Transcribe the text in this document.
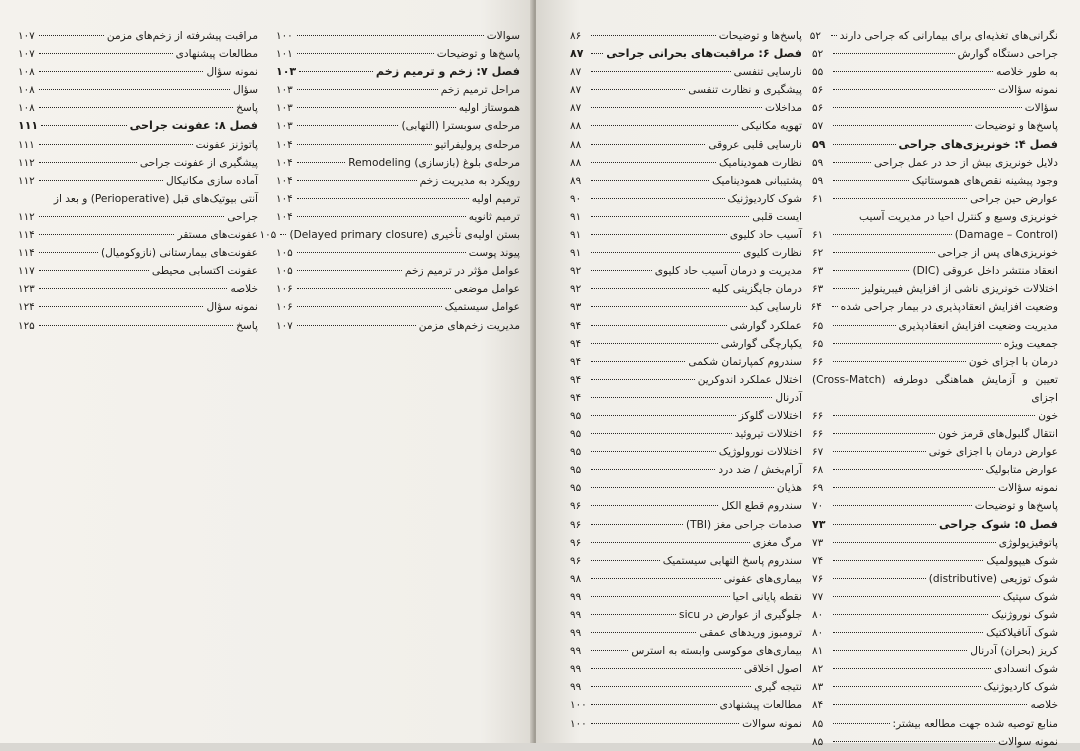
سوالات
۱۰۰
پاسخ‌ها و توضیحات
۱۰۱
فصل ۷: زخم و ترمیم زخم
۱۰۳
مراحل ترمیم زخم
۱۰۳
هموستاز اولیه
۱۰۳
مرحله‌ی سوبسترا (التهابی)
۱۰۳
مرحله‌ی پرولیفراتیو
۱۰۴
مرحله‌ی بلوغ (بازسازی) Remodeling
۱۰۴
رویکرد به مدیریت زخم
۱۰۴
ترمیم اولیه
۱۰۴
ترمیم ثانویه
۱۰۴
بستن اولیه‌ی تأخیری (Delayed primary closure)
۱۰۵
پیوند پوست
۱۰۵
عوامل مؤثر در ترمیم زخم
۱۰۵
عوامل موضعی
۱۰۶
عوامل سیستمیک
۱۰۶
مدیریت زخم‌های مزمن
۱۰۷
مراقبت پیشرفته از زخم‌های مزمن
۱۰۷
مطالعات پیشنهادی
۱۰۷
نمونه سؤال
۱۰۸
سؤال
۱۰۸
پاسخ
۱۰۸
فصل ۸: عفونت جراحی
۱۱۱
پاتوژنز عفونت
۱۱۱
پیشگیری از عفونت جراحی
۱۱۲
آماده سازی مکانیکال
۱۱۲
آنتی بیوتیک‌های قبل (Perioperative) و بعد از
جراحی
۱۱۲
عفونت‌های مستقر
۱۱۴
عفونت‌های بیمارستانی (نازوکومیال)
۱۱۴
عفونت اکتسابی محیطی
۱۱۷
خلاصه
۱۲۳
نمونه سؤال
۱۲۴
پاسخ
۱۲۵
نگرانی‌های تغذیه‌ای برای بیمارانی که جراحی دارند
۵۲
جراحی دستگاه گوارش
۵۲
به طور خلاصه
۵۵
نمونه سؤالات
۵۶
سؤالات
۵۶
پاسخ‌ها و توضیحات
۵۷
فصل ۴: خونریزی‌های جراحی
۵۹
دلایل خونریزی بیش از حد در عمل جراحی
۵۹
وجود پیشینه نقص‌های هموستاتیک
۵۹
عوارض حین جراحی
۶۱
خونریزی وسیع و کنترل احیا در مدیریت آسیب
(Damage – Control)
۶۱
خونریزی‌های پس از جراحی
۶۲
انعقاد منتشر داخل عروقی (DIC)
۶۳
اختلالات خونریزی ناشی از افزایش فیبرینولیز
۶۳
وضعیت افزایش انعقادپذیری در بیمار جراحی شده
۶۴
مدیریت وضعیت افزایش انعقادپذیری
۶۵
جمعیت ویژه
۶۵
درمان با اجزای خون
۶۶
تعیین و آزمایش هماهنگی دوطرفه (Cross-Match) اجزای
خون
۶۶
انتقال گلبول‌های قرمز خون
۶۶
عوارض درمان با اجزای خونی
۶۷
عوارض متابولیک
۶۸
نمونه سؤالات
۶۹
پاسخ‌ها و توضیحات
۷۰
فصل ۵: شوک جراحی
۷۳
پاتوفیزیولوژی
۷۳
شوک هیپوولمیک
۷۴
شوک توزیعی (distributive)
۷۶
شوک سپتیک
۷۷
شوک نوروژنیک
۸۰
شوک آنافیلاکتیک
۸۰
کریز (بحران) آدرنال
۸۱
شوک انسدادی
۸۲
شوک کاردیوژنیک
۸۳
خلاصه
۸۴
منابع توصیه شده جهت مطالعه بیشتر:
۸۵
نمونه سوالات
۸۵
پاسخ‌ها و توضیحات
۸۶
فصل ۶: مراقبت‌های بحرانی جراحی
۸۷
نارسایی تنفسی
۸۷
پیشگیری و نظارت تنفسی
۸۷
مداخلات
۸۷
تهویه مکانیکی
۸۸
نارسایی قلبی عروقی
۸۸
نظارت همودینامیک
۸۸
پشتیبانی همودینامیک
۸۹
شوک کاردیوژنیک
۹۰
ایست قلبی
۹۱
آسیب حاد کلیوی
۹۱
نظارت کلیوی
۹۱
مدیریت و درمان آسیب حاد کلیوی
۹۲
درمان جایگزینی کلیه
۹۲
نارسایی کبد
۹۳
عملکرد گوارشی
۹۴
یکپارچگی گوارشی
۹۴
سندروم کمپارتمان شکمی
۹۴
اختلال عملکرد اندوکرین
۹۴
آدرنال
۹۴
اختلالات گلوکز
۹۵
اختلالات تیروئید
۹۵
اختلالات نورولوژیک
۹۵
آرام‌بخش / ضد درد
۹۵
هذیان
۹۵
سندروم قطع الکل
۹۶
صدمات جراحی مغز (TBI)
۹۶
مرگ مغزی
۹۶
سندروم پاسخ التهابی سیستمیک
۹۶
بیماری‌های عفونی
۹۸
نقطه پایانی احیا
۹۹
جلوگیری از عوارض در sicu
۹۹
ترومبوز وریدهای عمقی
۹۹
بیماری‌های موکوسی وابسته به استرس
۹۹
اصول اخلاقی
۹۹
نتیجه گیری
۹۹
مطالعات پیشنهادی
۱۰۰
نمونه سوالات
۱۰۰
